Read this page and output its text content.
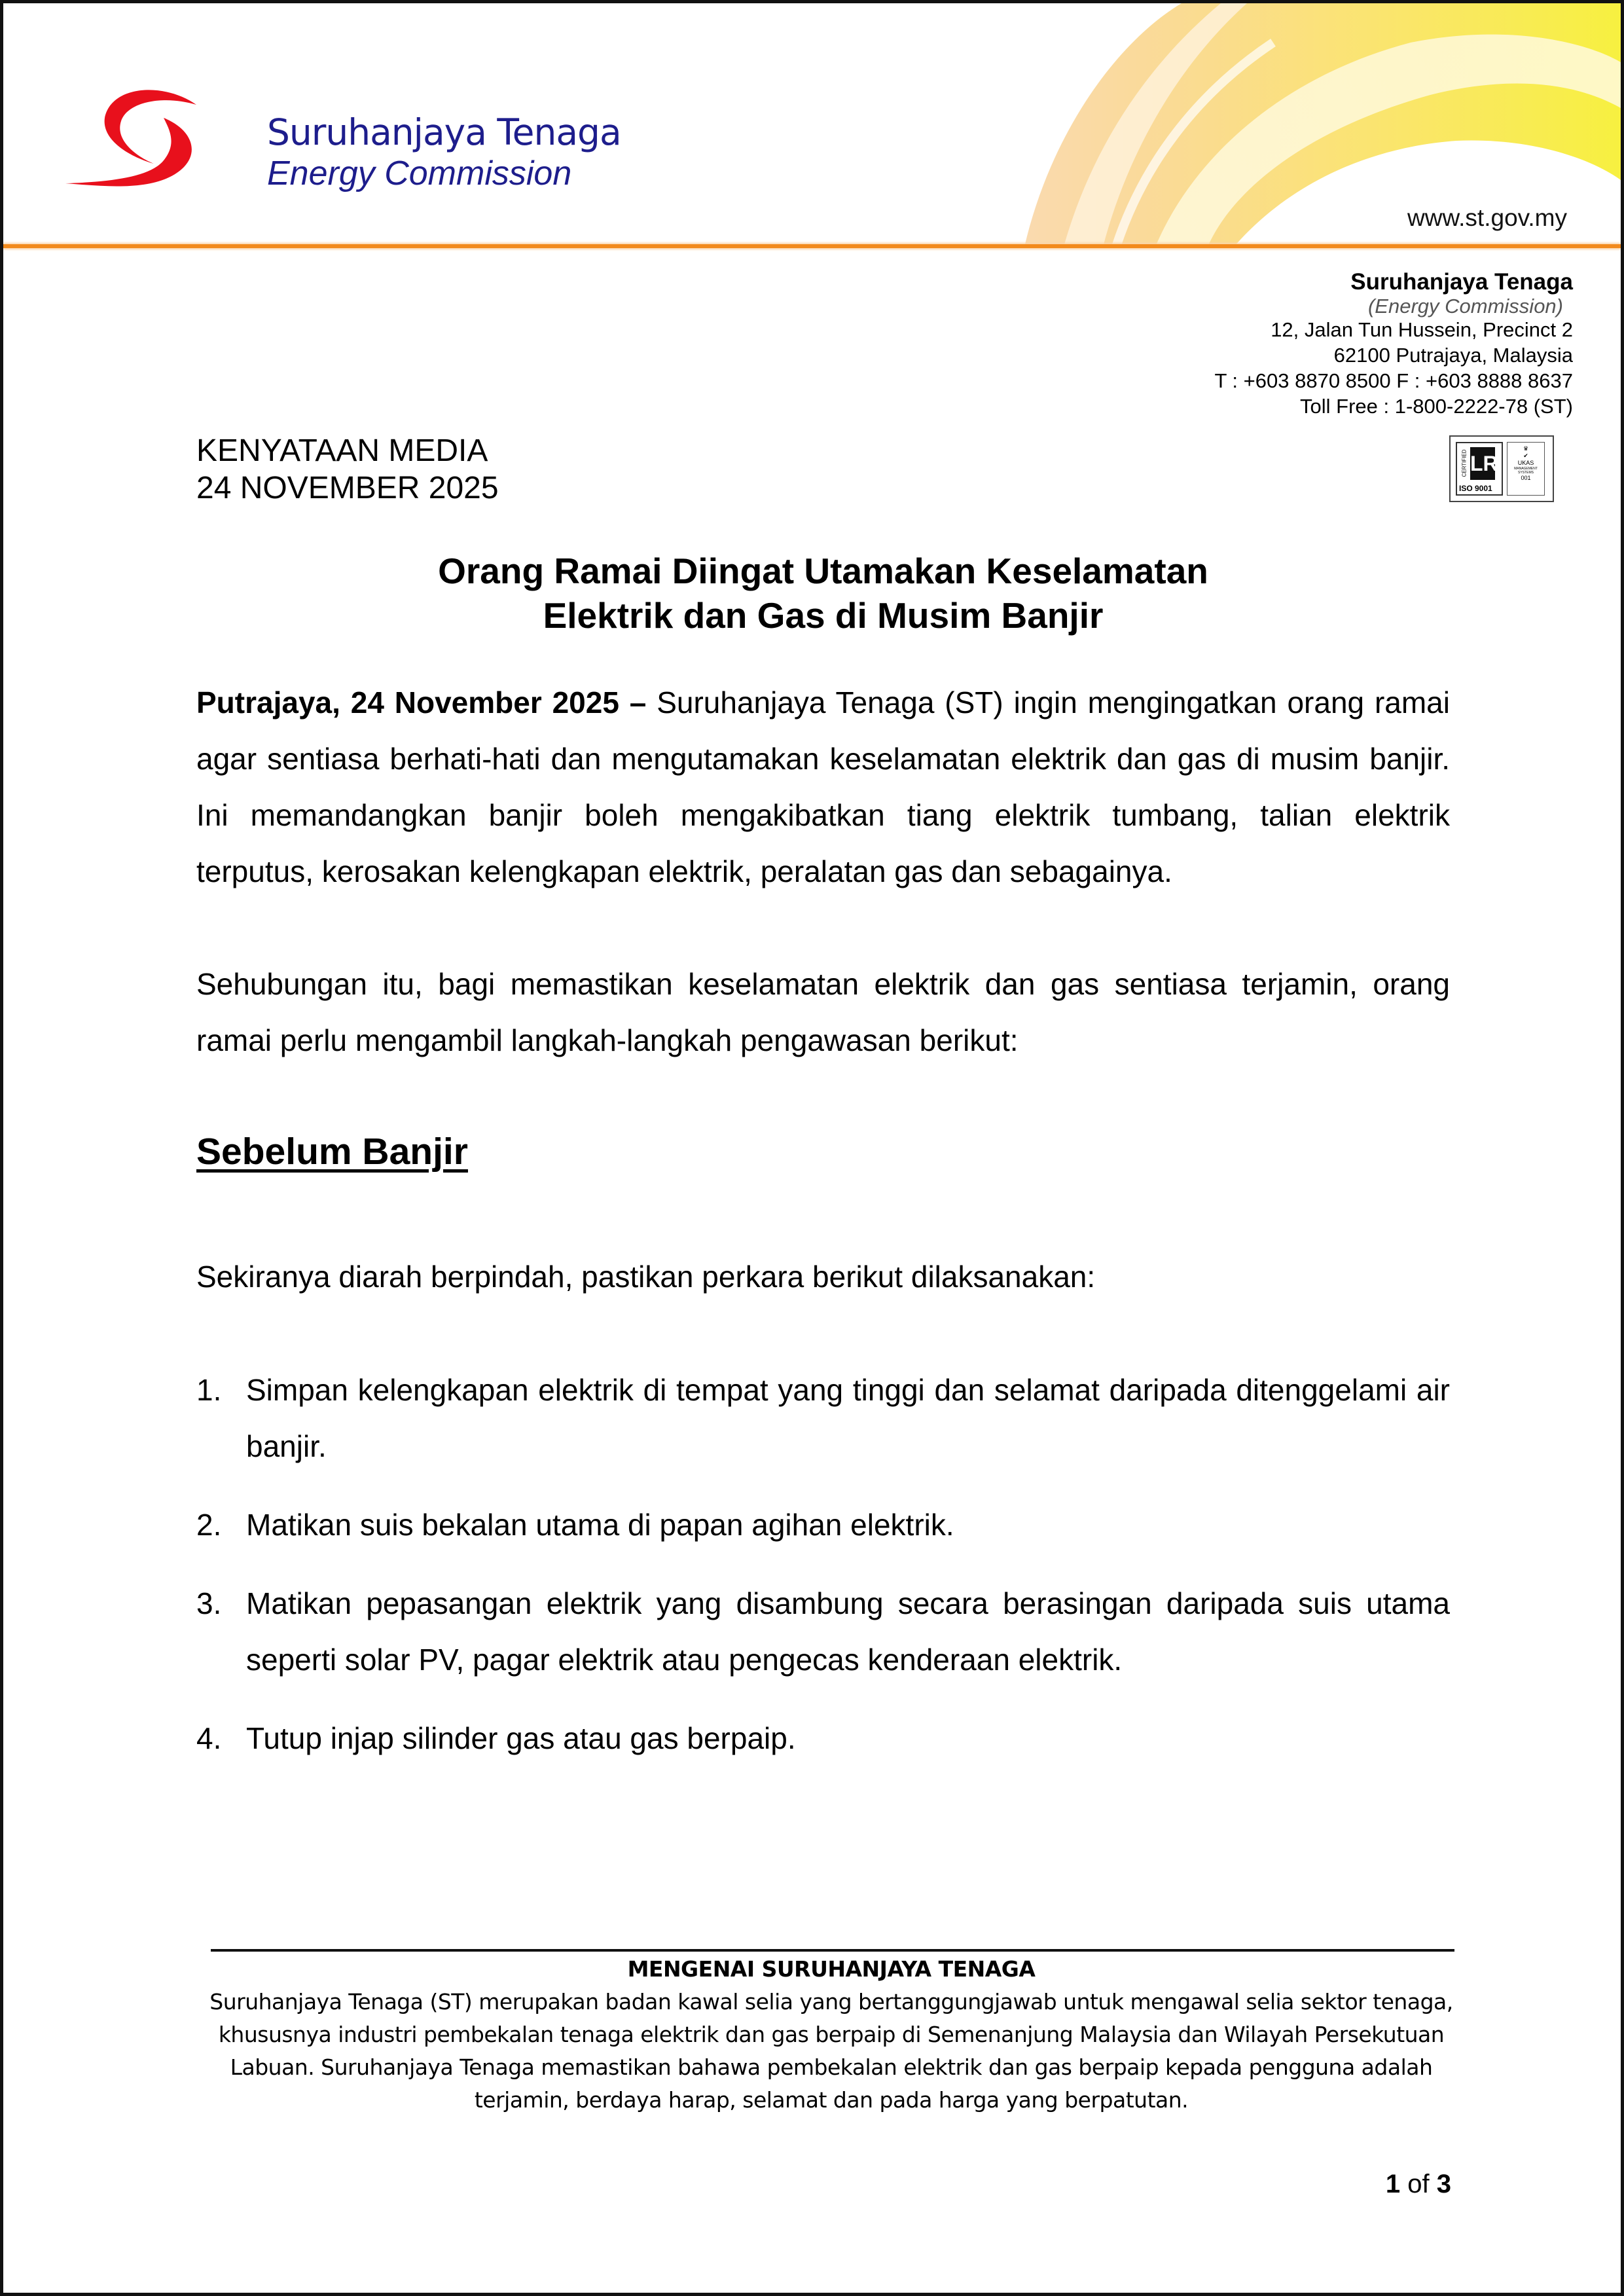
Suruhanjaya Tenaga
Energy Commission
www.st.gov.my
Suruhanjaya Tenaga
(Energy Commission)
12, Jalan Tun Hussein, Precinct 2
62100 Putrajaya, Malaysia
T : +603 8870 8500 F : +603 8888 8637
Toll Free : 1-800-2222-78 (ST)
CERTIFIED LR
ISO 9001
♛
✔
UKAS
MANAGEMENT SYSTEMS
001
KENYATAAN MEDIA
24 NOVEMBER 2025
Orang Ramai Diingat Utamakan Keselamatan
Elektrik dan Gas di Musim Banjir
Putrajaya, 24 November 2025 – Suruhanjaya Tenaga (ST) ingin mengingatkan orang ramai agar sentiasa berhati-hati dan mengutamakan keselamatan elektrik dan gas di musim banjir. Ini memandangkan banjir boleh mengakibatkan tiang elektrik tumbang, talian elektrik terputus, kerosakan kelengkapan elektrik, peralatan gas dan sebagainya.
Sehubungan itu, bagi memastikan keselamatan elektrik dan gas sentiasa terjamin, orang ramai perlu mengambil langkah-langkah pengawasan berikut:
Sebelum Banjir
Sekiranya diarah berpindah, pastikan perkara berikut dilaksanakan:
1. Simpan kelengkapan elektrik di tempat yang tinggi dan selamat daripada ditenggelami air banjir.
2. Matikan suis bekalan utama di papan agihan elektrik.
3. Matikan pepasangan elektrik yang disambung secara berasingan daripada suis utama seperti solar PV, pagar elektrik atau pengecas kenderaan elektrik.
4. Tutup injap silinder gas atau gas berpaip.
MENGENAI SURUHANJAYA TENAGA
Suruhanjaya Tenaga (ST) merupakan badan kawal selia yang bertanggungjawab untuk mengawal selia sektor tenaga, khususnya industri pembekalan tenaga elektrik dan gas berpaip di Semenanjung Malaysia dan Wilayah Persekutuan Labuan. Suruhanjaya Tenaga memastikan bahawa pembekalan elektrik dan gas berpaip kepada pengguna adalah terjamin, berdaya harap, selamat dan pada harga yang berpatutan.
1 of 3
